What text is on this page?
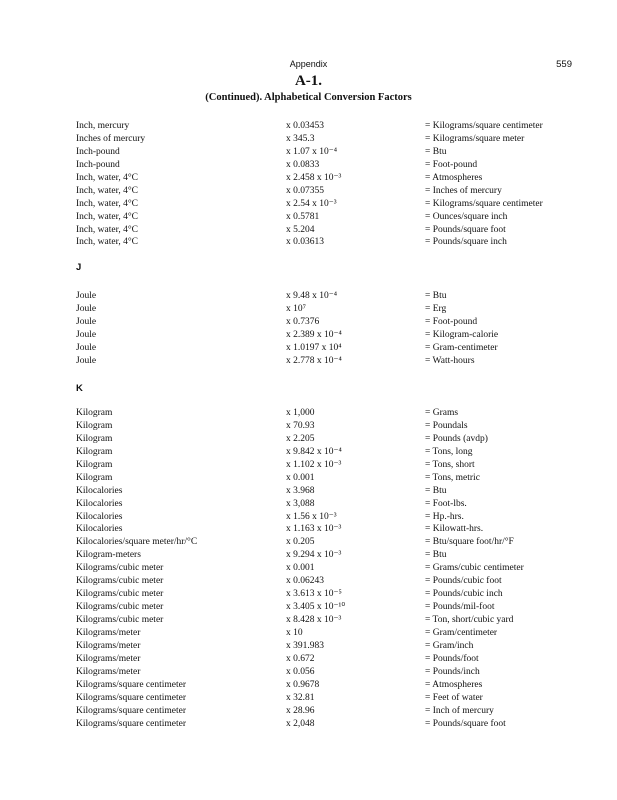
Appendix	559
A-1.
(Continued). Alphabetical Conversion Factors
Inch, mercury	x 0.03453	= Kilograms/square centimeter
Inches of mercury	x 345.3	= Kilograms/square meter
Inch-pound	x 1.07 x 10⁻⁴	= Btu
Inch-pound	x 0.0833	= Foot-pound
Inch, water, 4°C	x 2.458 x 10⁻³	= Atmospheres
Inch, water, 4°C	x 0.07355	= Inches of mercury
Inch, water, 4°C	x 2.54 x 10⁻³	= Kilograms/square centimeter
Inch, water, 4°C	x 0.5781	= Ounces/square inch
Inch, water, 4°C	x 5.204	= Pounds/square foot
Inch, water, 4°C	x 0.03613	= Pounds/square inch
J
Joule	x 9.48 x 10⁻⁴	= Btu
Joule	x 10⁷	= Erg
Joule	x 0.7376	= Foot-pound
Joule	x 2.389 x 10⁻⁴	= Kilogram-calorie
Joule	x 1.0197 x 10⁴	= Gram-centimeter
Joule	x 2.778 x 10⁻⁴	= Watt-hours
K
Kilogram	x 1,000	= Grams
Kilogram	x 70.93	= Poundals
Kilogram	x 2.205	= Pounds (avdp)
Kilogram	x 9.842 x 10⁻⁴	= Tons, long
Kilogram	x 1.102 x 10⁻³	= Tons, short
Kilogram	x 0.001	= Tons, metric
Kilocalories	x 3.968	= Btu
Kilocalories	x 3,088	= Foot-lbs.
Kilocalories	x 1.56 x 10⁻³	= Hp.-hrs.
Kilocalories	x 1.163 x 10⁻³	= Kilowatt-hrs.
Kilocalories/square meter/hr/°C	x 0.205	= Btu/square foot/hr/°F
Kilogram-meters	x 9.294 x 10⁻³	= Btu
Kilograms/cubic meter	x 0.001	= Grams/cubic centimeter
Kilograms/cubic meter	x 0.06243	= Pounds/cubic foot
Kilograms/cubic meter	x 3.613 x 10⁻⁵	= Pounds/cubic inch
Kilograms/cubic meter	x 3.405 x 10⁻¹⁰	= Pounds/mil-foot
Kilograms/cubic meter	x 8.428 x 10⁻³	= Ton, short/cubic yard
Kilograms/meter	x 10	= Gram/centimeter
Kilograms/meter	x 391.983	= Gram/inch
Kilograms/meter	x 0.672	= Pounds/foot
Kilograms/meter	x 0.056	= Pounds/inch
Kilograms/square centimeter	x 0.9678	= Atmospheres
Kilograms/square centimeter	x 32.81	= Feet of water
Kilograms/square centimeter	x 28.96	= Inch of mercury
Kilograms/square centimeter	x 2,048	= Pounds/square foot
